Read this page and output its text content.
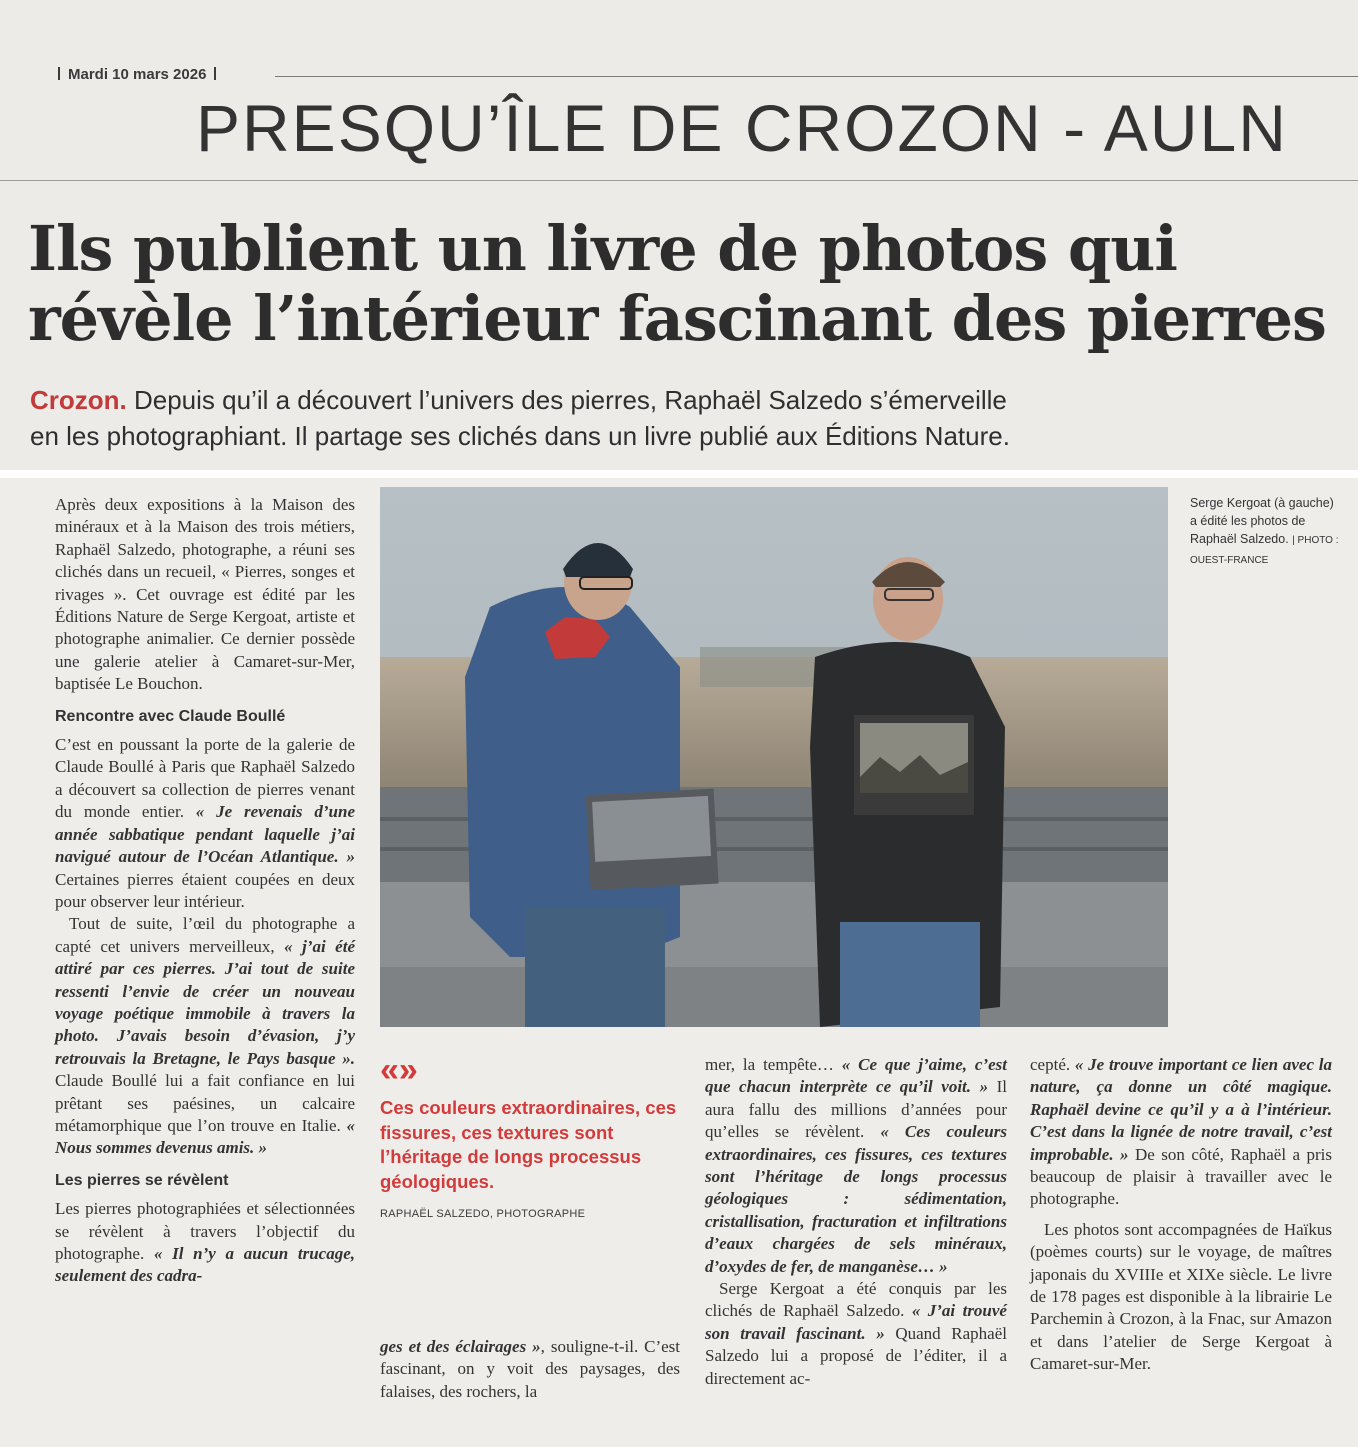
Mardi 10 mars 2026
PRESQU’ÎLE DE CROZON - AULN
Ils publient un livre de photos qui
révèle l’intérieur fascinant des pierres
Crozon. Depuis qu’il a découvert l’univers des pierres, Raphaël Salzedo s’émerveille
en les photographiant. Il partage ses clichés dans un livre publié aux Éditions Nature.

Après deux expositions à la Maison des minéraux et à la Maison des trois métiers, Raphaël Salzedo, photographe, a réuni ses clichés dans un recueil, « Pierres, songes et rivages ». Cet ouvrage est édité par les Éditions Nature de Serge Kergoat, artiste et photographe animalier. Ce dernier possède une galerie atelier à Camaret-sur-Mer, baptisée Le Bouchon.

Rencontre avec Claude Boullé

C’est en poussant la porte de la galerie de Claude Boullé à Paris que Raphaël Salzedo a découvert sa collection de pierres venant du monde entier. « Je revenais d’une année sabbatique pendant laquelle j’ai navigué autour de l’Océan Atlantique. » Certaines pierres étaient coupées en deux pour observer leur intérieur.

Tout de suite, l’œil du photographe a capté cet univers merveilleux, « j’ai été attiré par ces pierres. J’ai tout de suite ressenti l’envie de créer un nouveau voyage poétique immobile à travers la photo. J’avais besoin d’évasion, j’y retrouvais la Bretagne, le Pays basque ». Claude Boullé lui a fait confiance en lui prêtant ses paésines, un calcaire métamorphique que l’on trouve en Italie. « Nous sommes devenus amis. »

Les pierres se révèlent

Les pierres photographiées et sélectionnées se révèlent à travers l’objectif du photographe. « Il n’y a aucun trucage, seulement des cadra-

Serge Kergoat (à gauche) a édité les photos de Raphaël Salzedo. | PHOTO : OUEST-FRANCE
«»
Ces couleurs extraordinaires, ces fissures, ces textures sont l’héritage de longs processus géologiques.
RAPHAËL SALZEDO, PHOTOGRAPHE

ges et des éclairages », souligne-t-il. C’est fascinant, on y voit des paysages, des falaises, des rochers, la

mer, la tempête… « Ce que j’aime, c’est que chacun interprète ce qu’il voit. » Il aura fallu des millions d’années pour qu’elles se révèlent. « Ces couleurs extraordinaires, ces fissures, ces textures sont l’héritage de longs processus géologiques : sédimentation, cristallisation, fracturation et infiltrations d’eaux chargées de sels minéraux, d’oxydes de fer, de manganèse… »

Serge Kergoat a été conquis par les clichés de Raphaël Salzedo. « J’ai trouvé son travail fascinant. » Quand Raphaël Salzedo lui a proposé de l’éditer, il a directement ac-

cepté. « Je trouve important ce lien avec la nature, ça donne un côté magique. Raphaël devine ce qu’il y a à l’intérieur. C’est dans la lignée de notre travail, c’est improbable. » De son côté, Raphaël a pris beaucoup de plaisir à travailler avec le photographe.

Les photos sont accompagnées de Haïkus (poèmes courts) sur le voyage, de maîtres japonais du XVIIIe et XIXe siècle. Le livre de 178 pages est disponible à la librairie Le Parchemin à Crozon, à la Fnac, sur Amazon et dans l’atelier de Serge Kergoat à Camaret-sur-Mer.
